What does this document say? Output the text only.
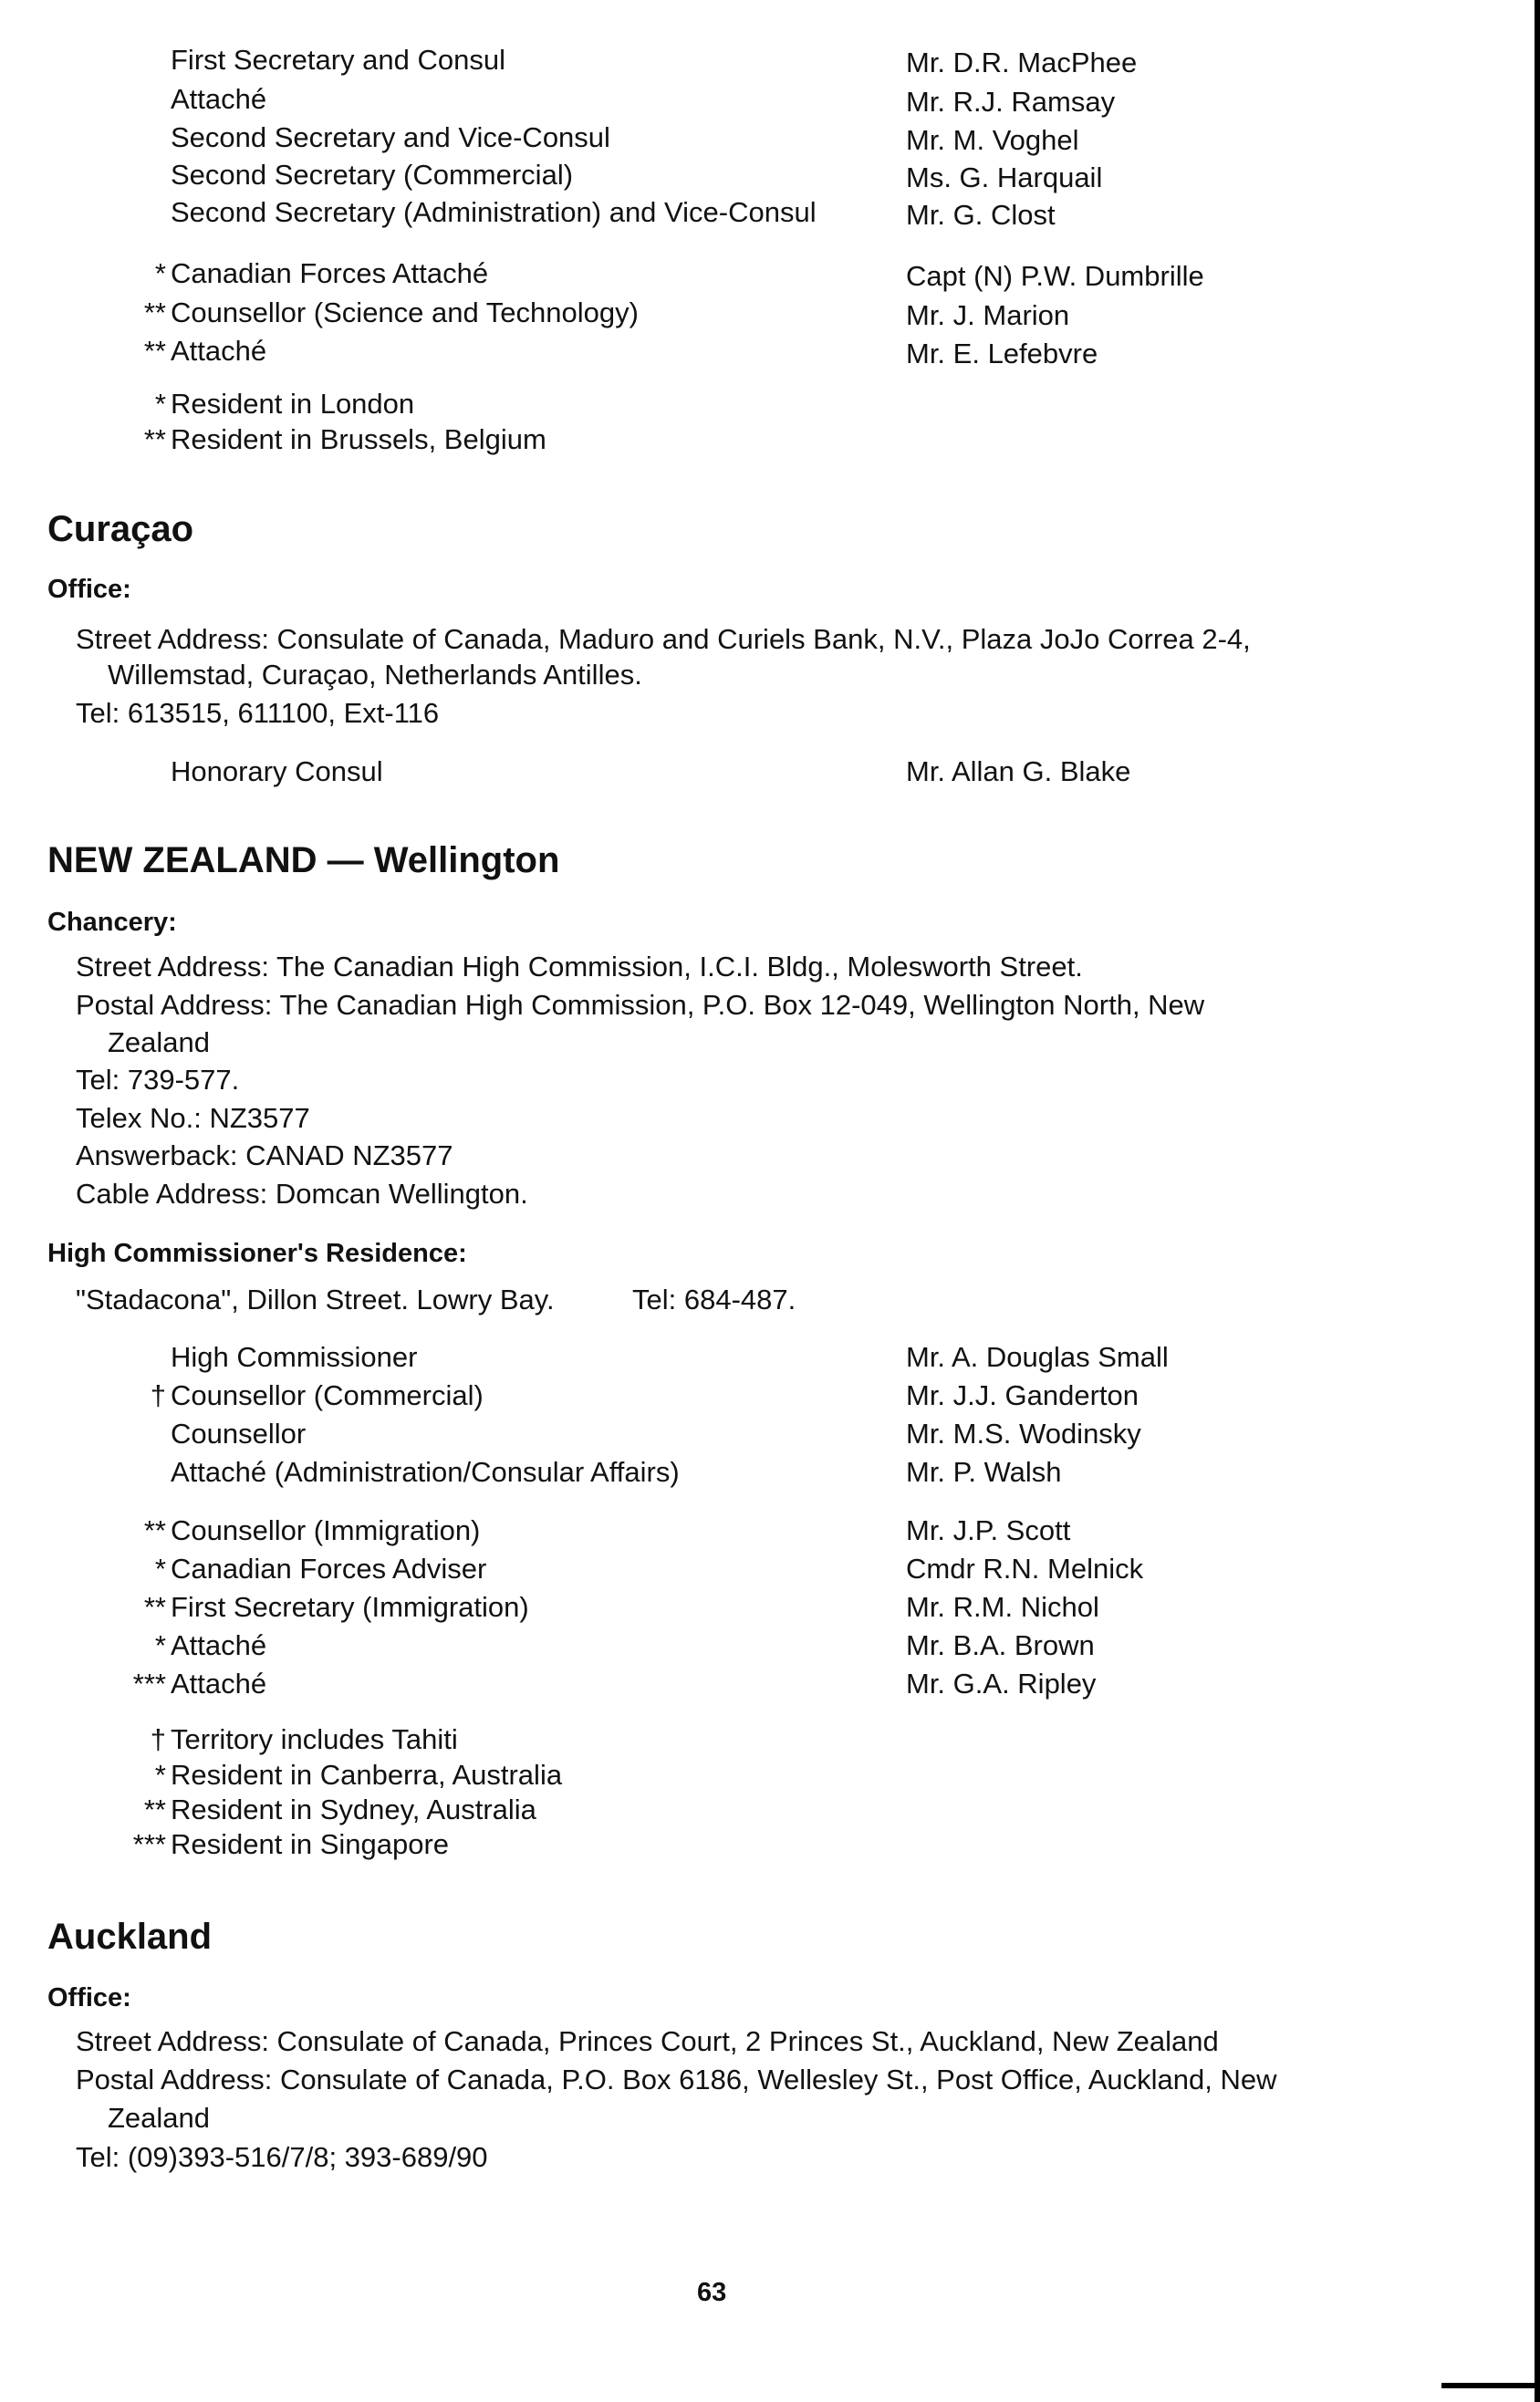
First Secretary and Consul	Mr. D.R. MacPhee
Attaché	Mr. R.J. Ramsay
Second Secretary and Vice-Consul	Mr. M. Voghel
Second Secretary (Commercial)	Ms. G. Harquail
Second Secretary (Administration) and Vice-Consul	Mr. G. Clost
* Canadian Forces Attaché	Capt (N) P.W. Dumbrille
** Counsellor (Science and Technology)	Mr. J. Marion
** Attaché	Mr. E. Lefebvre
* Resident in London
** Resident in Brussels, Belgium
Curaçao
Office:
Street Address: Consulate of Canada, Maduro and Curiels Bank, N.V., Plaza JoJo Correa 2-4,
Willemstad, Curaçao, Netherlands Antilles.
Tel: 613515, 611100, Ext-116
Honorary Consul	Mr. Allan G. Blake
NEW ZEALAND — Wellington
Chancery:
Street Address: The Canadian High Commission, I.C.I. Bldg., Molesworth Street.
Postal Address: The Canadian High Commission, P.O. Box 12-049, Wellington North, New
Zealand
Tel: 739-577.
Telex No.: NZ3577
Answerback: CANAD NZ3577
Cable Address: Domcan Wellington.
High Commissioner's Residence:
"Stadacona", Dillon Street. Lowry Bay.	Tel: 684-487.
High Commissioner	Mr. A. Douglas Small
† Counsellor (Commercial)	Mr. J.J. Ganderton
Counsellor	Mr. M.S. Wodinsky
Attaché (Administration/Consular Affairs)	Mr. P. Walsh
** Counsellor (Immigration)	Mr. J.P. Scott
* Canadian Forces Adviser	Cmdr R.N. Melnick
** First Secretary (Immigration)	Mr. R.M. Nichol
* Attaché	Mr. B.A. Brown
*** Attaché	Mr. G.A. Ripley
† Territory includes Tahiti
* Resident in Canberra, Australia
** Resident in Sydney, Australia
*** Resident in Singapore
Auckland
Office:
Street Address: Consulate of Canada, Princes Court, 2 Princes St., Auckland, New Zealand
Postal Address: Consulate of Canada, P.O. Box 6186, Wellesley St., Post Office, Auckland, New
Zealand
Tel: (09)393-516/7/8; 393-689/90
63
